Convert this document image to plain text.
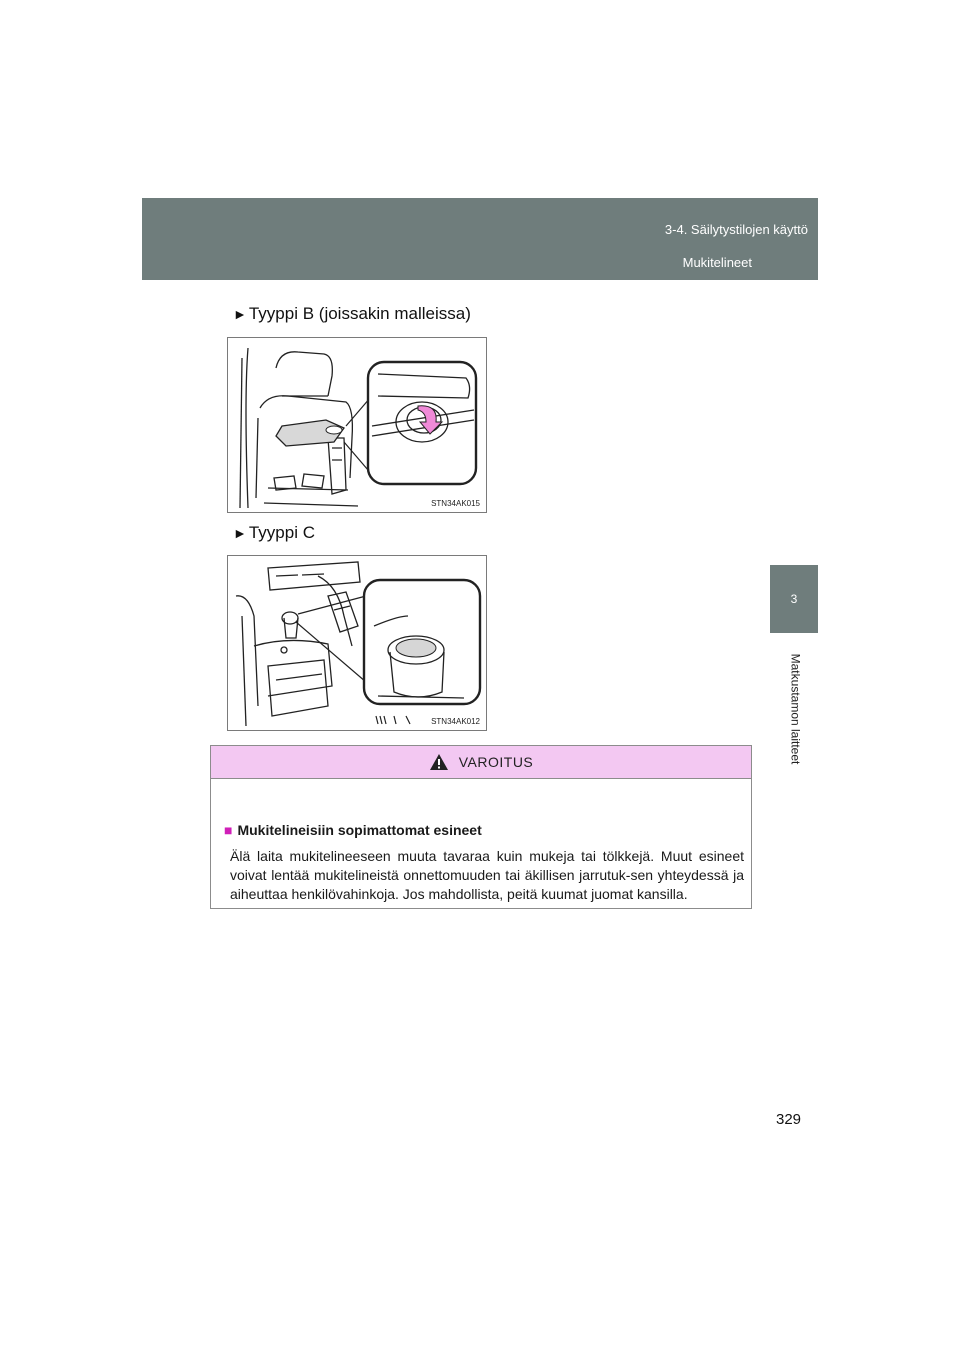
3-4. Säilytystilojen käyttö
Mukitelineet
3
Matkustamon laitteet
► Tyyppi B (joissakin malleissa)
STN34AK015
► Tyyppi C
STN34AK012
VAROITUS
■ Mukitelineisiin sopimattomat esineet
Älä laita mukitelineeseen muuta tavaraa kuin mukeja tai tölkkejä. Muut esineet voivat lentää mukitelineistä onnettomuuden tai äkillisen jarrutuk-sen yhteydessä ja aiheuttaa henkilövahinkoja. Jos mahdollista, peitä kuumat juomat kansilla.
329
